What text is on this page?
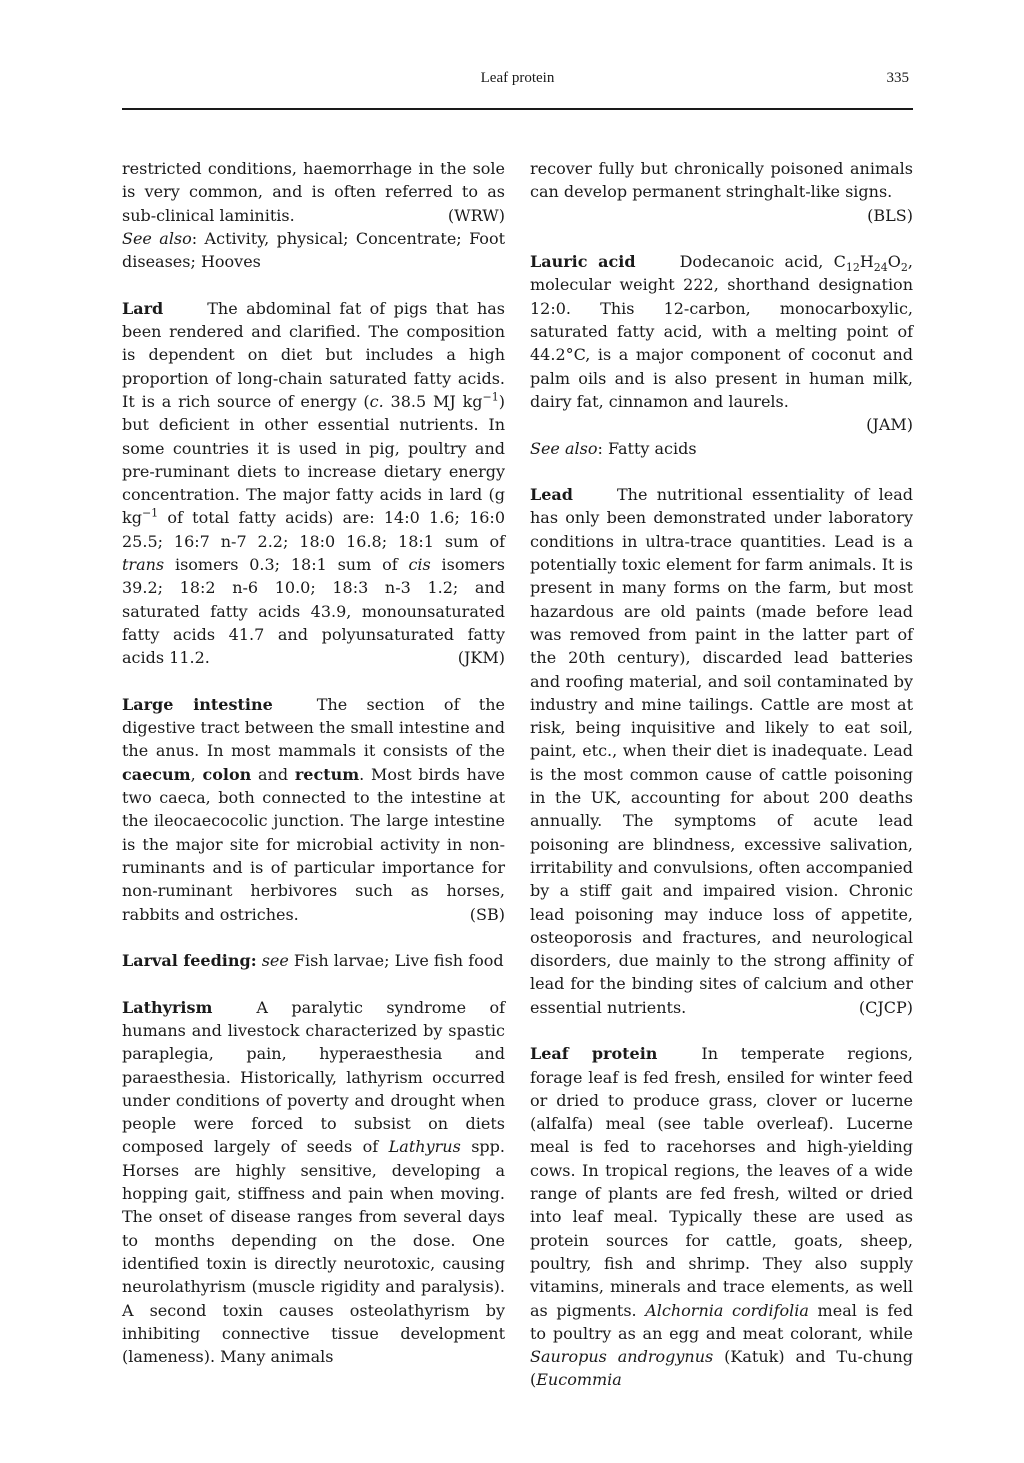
Leaf protein	335

restricted conditions, haemorrhage in the sole is very common, and is often referred to as sub-clinical laminitis.	(WRW)

See also: Activity, physical; Concentrate; Foot diseases; Hooves

Lard	The abdominal fat of pigs that has been rendered and clarified. The composition is dependent on diet but includes a high proportion of long-chain saturated fatty acids. It is a rich source of energy (c. 38.5 MJ $kg^{-1}$) but deficient in other essential nutrients. In some countries it is used in pig, poultry and pre-ruminant diets to increase dietary energy concentration. The major fatty acids in lard (g $kg^{-1}$ of total fatty acids) are: 14:0 1.6; 16:0 25.5; 16:7 n-7 2.2; 18:0 16.8; 18:1 sum of trans isomers 0.3; 18:1 sum of cis isomers 39.2; 18:2 n-6 10.0; 18:3 n-3 1.2; and saturated fatty acids 43.9, monounsaturated fatty acids 41.7 and polyunsaturated fatty acids 11.2.	(JKM)

Large intestine	The section of the digestive tract between the small intestine and the anus. In most mammals it consists of the caecum, colon and rectum. Most birds have two caeca, both connected to the intestine at the ileocaecocolic junction. The large intestine is the major site for microbial activity in non-ruminants and is of particular importance for non-ruminant herbivores such as horses, rabbits and ostriches.	(SB)

Larval feeding: see Fish larvae; Live fish food

Lathyrism	A paralytic syndrome of humans and livestock characterized by spastic paraplegia, pain, hyperaesthesia and paraesthesia. Historically, lathyrism occurred under conditions of poverty and drought when people were forced to subsist on diets composed largely of seeds of Lathyrus spp. Horses are highly sensitive, developing a hopping gait, stiffness and pain when moving. The onset of disease ranges from several days to months depending on the dose. One identified toxin is directly neurotoxic, causing neurolathyrism (muscle rigidity and paralysis). A second toxin causes osteolathyrism by inhibiting connective tissue development (lameness). Many animals

recover fully but chronically poisoned animals can develop permanent stringhalt-like signs.
(BLS)

Lauric acid	Dodecanoic acid, $C_{12}H_{24}O_2$, molecular weight 222, shorthand designation 12:0. This 12-carbon, monocarboxylic, saturated fatty acid, with a melting point of 44.2°C, is a major component of coconut and palm oils and is also present in human milk, dairy fat, cinnamon and laurels.
(JAM)
See also: Fatty acids

Lead	The nutritional essentiality of lead has only been demonstrated under laboratory conditions in ultra-trace quantities. Lead is a potentially toxic element for farm animals. It is present in many forms on the farm, but most hazardous are old paints (made before lead was removed from paint in the latter part of the 20th century), discarded lead batteries and roofing material, and soil contaminated by industry and mine tailings. Cattle are most at risk, being inquisitive and likely to eat soil, paint, etc., when their diet is inadequate. Lead is the most common cause of cattle poisoning in the UK, accounting for about 200 deaths annually. The symptoms of acute lead poisoning are blindness, excessive salivation, irritability and convulsions, often accompanied by a stiff gait and impaired vision. Chronic lead poisoning may induce loss of appetite, osteoporosis and fractures, and neurological disorders, due mainly to the strong affinity of lead for the binding sites of calcium and other essential nutrients.	(CJCP)

Leaf protein	In temperate regions, forage leaf is fed fresh, ensiled for winter feed or dried to produce grass, clover or lucerne (alfalfa) meal (see table overleaf). Lucerne meal is fed to racehorses and high-yielding cows. In tropical regions, the leaves of a wide range of plants are fed fresh, wilted or dried into leaf meal. Typically these are used as protein sources for cattle, goats, sheep, poultry, fish and shrimp. They also supply vitamins, minerals and trace elements, as well as pigments. Alchornia cordifolia meal is fed to poultry as an egg and meat colorant, while Sauropus androgynus (Katuk) and Tu-chung (Eucommia
